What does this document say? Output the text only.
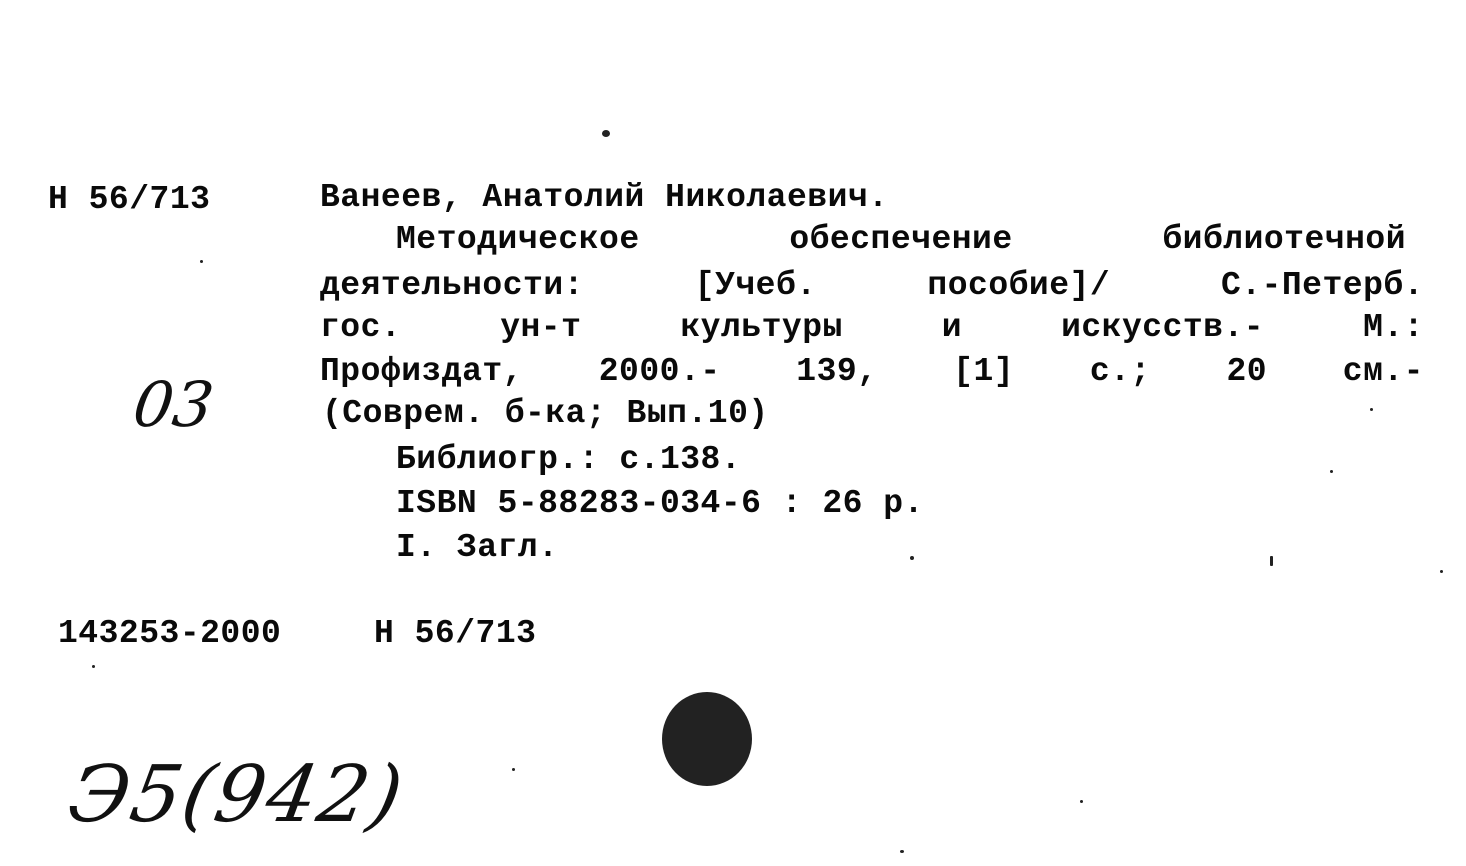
Н 56/713	Ванеев, Анатолий Николаевич.
Методическое	обеспечение	библиотечной
деятельности:	[Учеб.	пособие]/	С.-Петерб.
гос.	ун-т	культуры	и	искусств.-	М.:
Профиздат, 2000.- 139, [1] с.; 20 см.-
(Соврем. б-ка; Вып.10)
Библиогр.: с.138.
ISBN 5-88283-034-6 : 26 р.
I. Загл.
143253-2000	Н 56/713
03
Э5(942)
